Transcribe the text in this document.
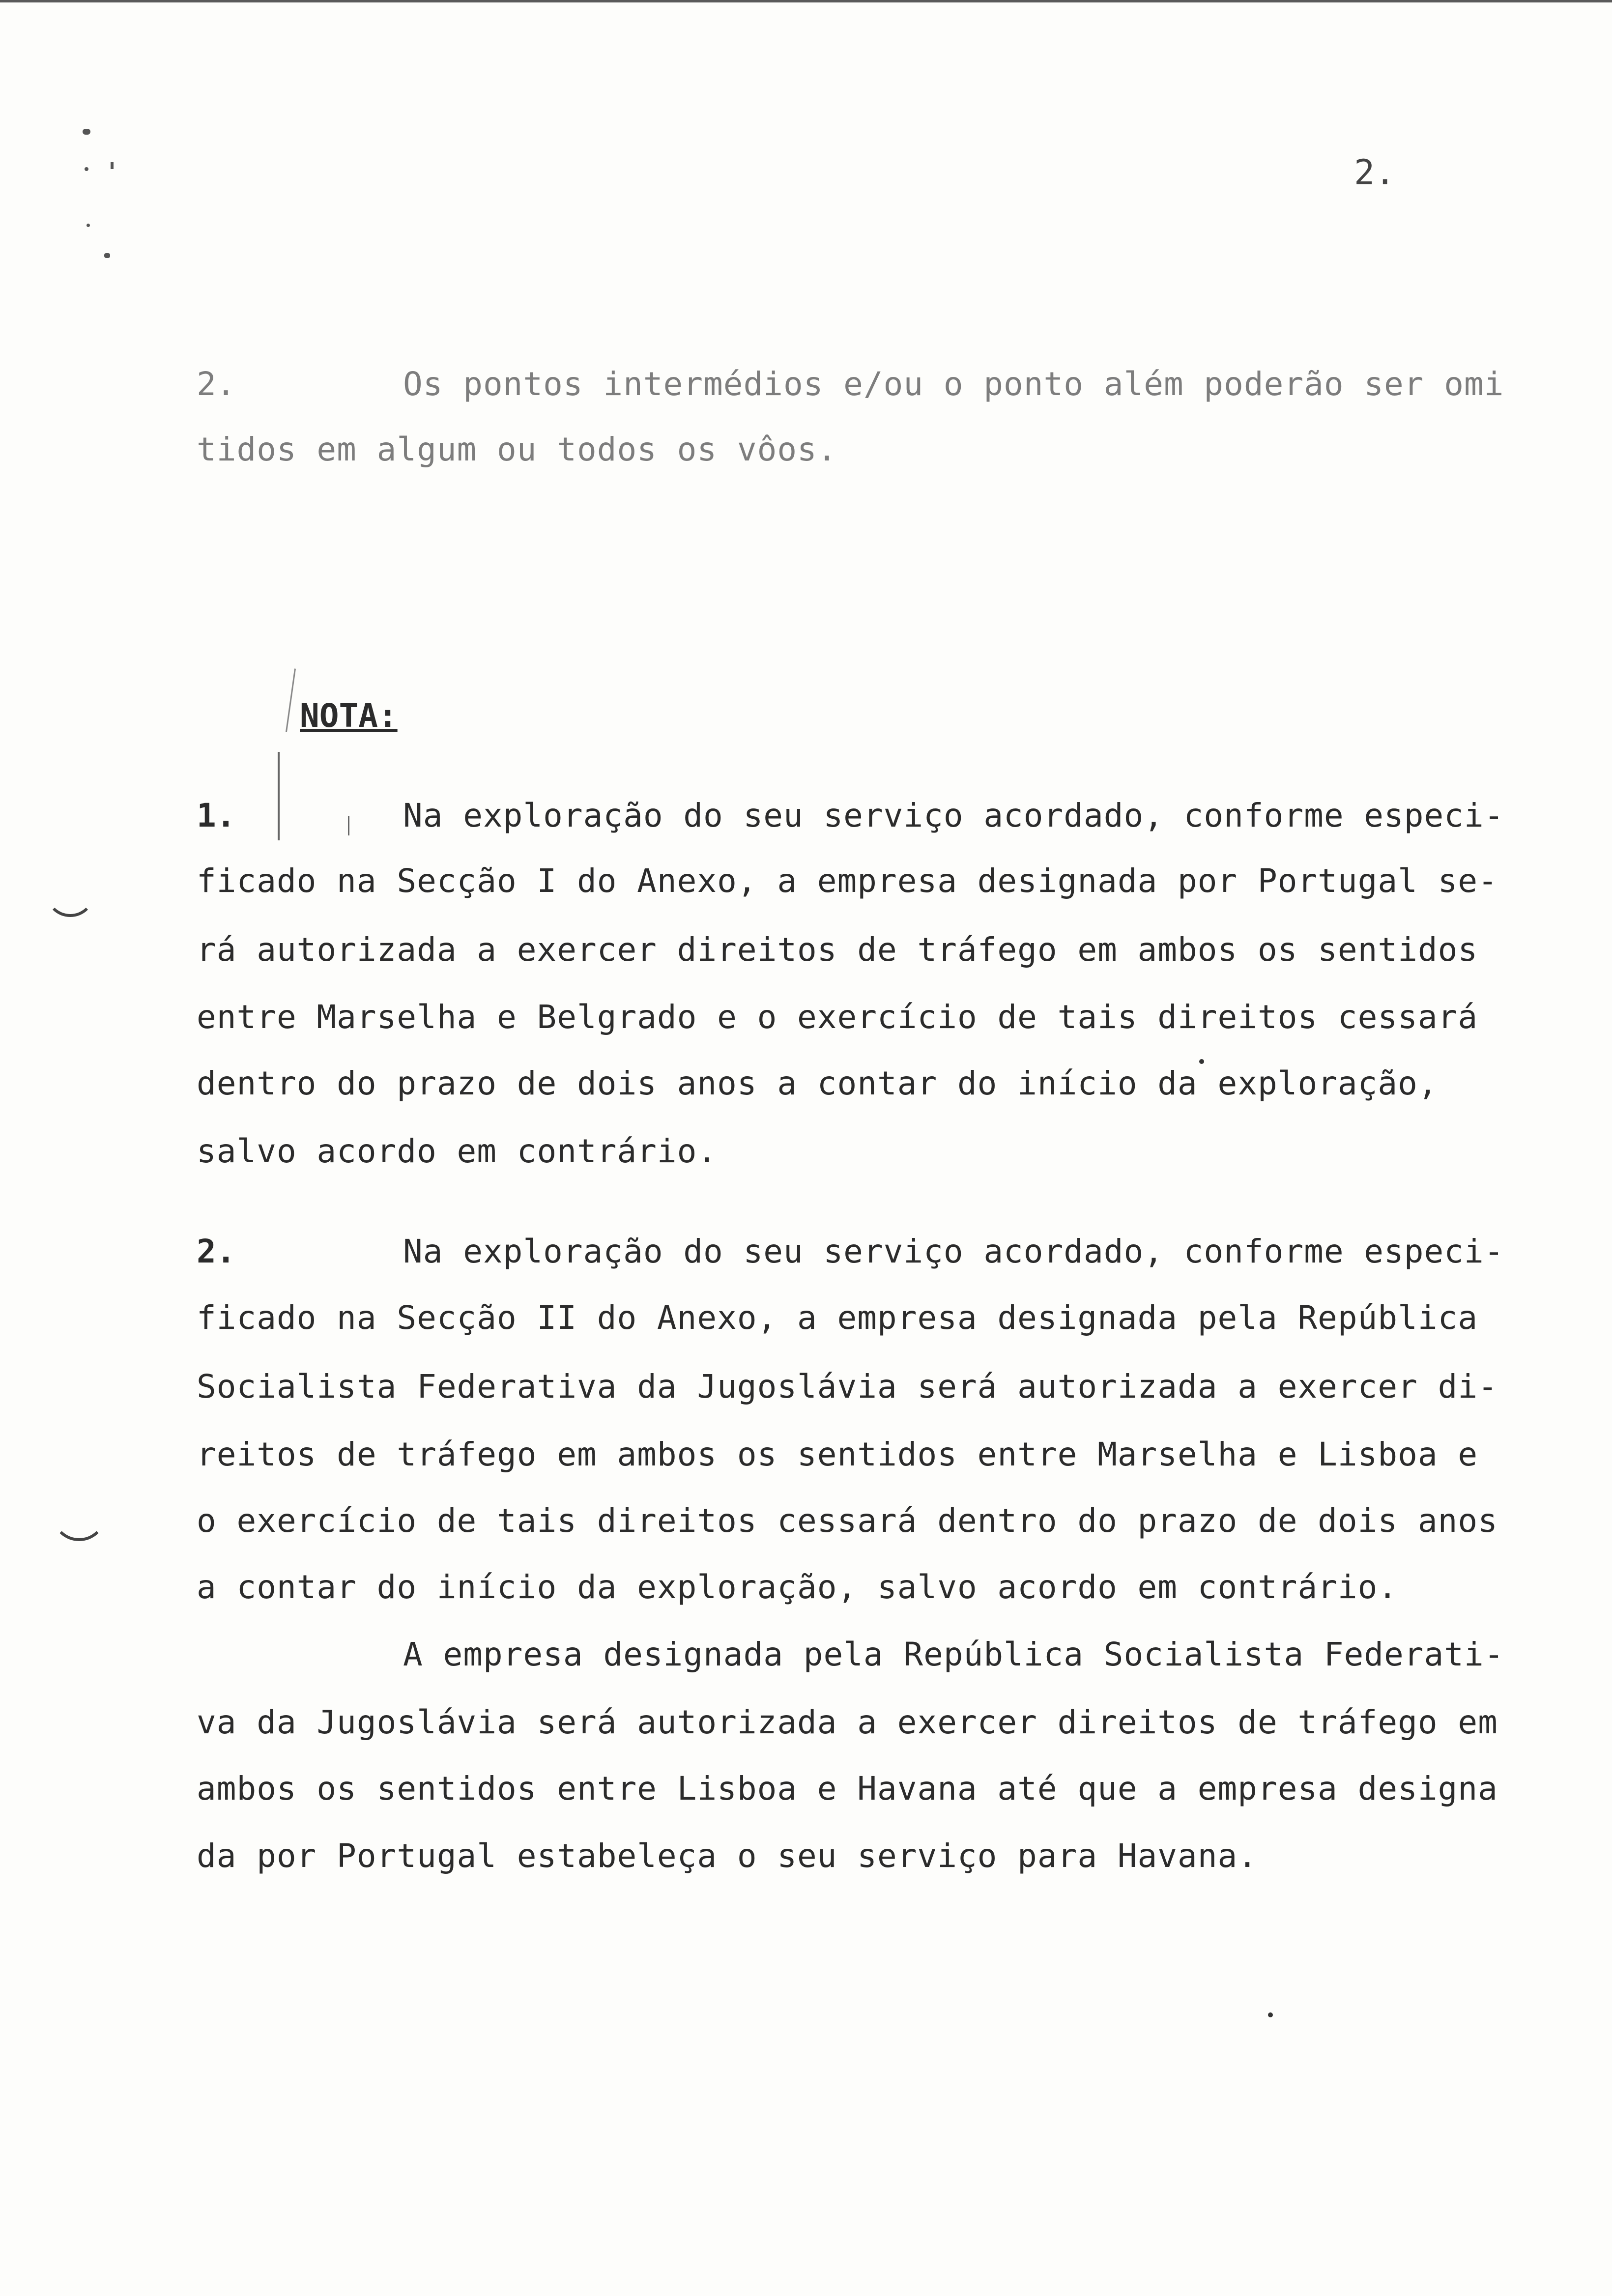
2.
2.	Os pontos intermédios e/ou o ponto além poderão ser omi
tidos em algum ou todos os vôos.
NOTA:
1.	Na exploração do seu serviço acordado, conforme especi-
ficado na Secção I do Anexo, a empresa designada por Portugal se-
rá autorizada a exercer direitos de tráfego em ambos os sentidos
entre Marselha e Belgrado e o exercício de tais direitos cessará
dentro do prazo de dois anos a contar do início da exploração,
salvo acordo em contrário.
2.	Na exploração do seu serviço acordado, conforme especi-
ficado na Secção II do Anexo, a empresa designada pela República
Socialista Federativa da Jugoslávia será autorizada a exercer di-
reitos de tráfego em ambos os sentidos entre Marselha e Lisboa e
o exercício de tais direitos cessará dentro do prazo de dois anos
a contar do início da exploração, salvo acordo em contrário.
A empresa designada pela República Socialista Federati-
va da Jugoslávia será autorizada a exercer direitos de tráfego em
ambos os sentidos entre Lisboa e Havana até que a empresa designa
da por Portugal estabeleça o seu serviço para Havana.
